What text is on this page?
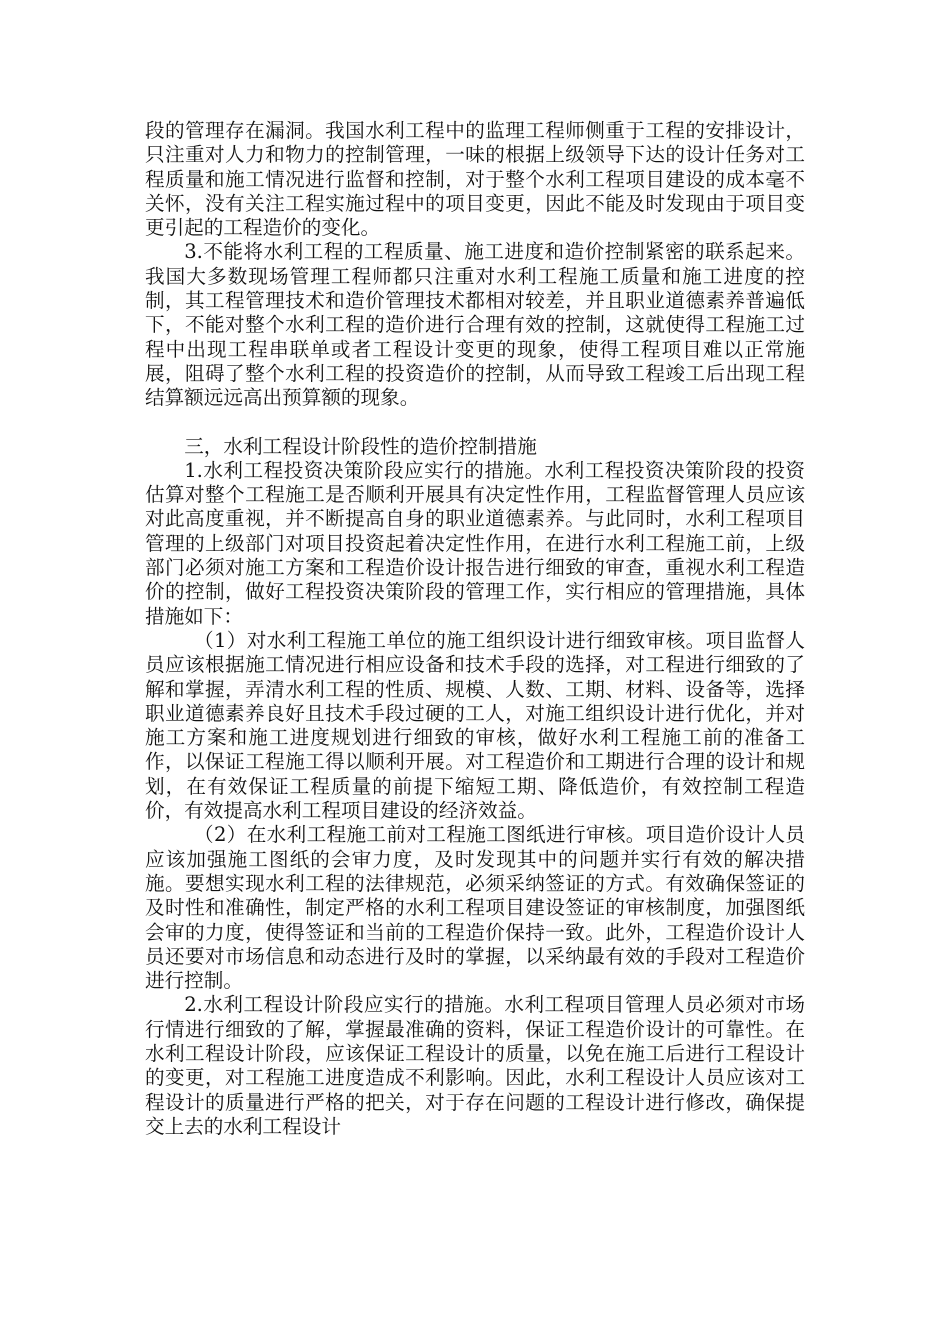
段的管理存在漏洞。我国水利工程中的监理工程师侧重于工程的安排设计，只注重对人力和物力的控制管理，一味的根据上级领导下达的设计任务对工程质量和施工情况进行监督和控制，对于整个水利工程项目建设的成本毫不关怀，没有关注工程实施过程中的项目变更，因此不能及时发现由于项目变更引起的工程造价的变化。

3.不能将水利工程的工程质量、施工进度和造价控制紧密的联系起来。我国大多数现场管理工程师都只注重对水利工程施工质量和施工进度的控制，其工程管理技术和造价管理技术都相对较差，并且职业道德素养普遍低下，不能对整个水利工程的造价进行合理有效的控制，这就使得工程施工过程中出现工程串联单或者工程设计变更的现象，使得工程项目难以正常施展，阻碍了整个水利工程的投资造价的控制，从而导致工程竣工后出现工程结算额远远高出预算额的现象。

三，水利工程设计阶段性的造价控制措施

1.水利工程投资决策阶段应实行的措施。水利工程投资决策阶段的投资估算对整个工程施工是否顺利开展具有决定性作用，工程监督管理人员应该对此高度重视，并不断提高自身的职业道德素养。与此同时，水利工程项目管理的上级部门对项目投资起着决定性作用，在进行水利工程施工前，上级部门必须对施工方案和工程造价设计报告进行细致的审查，重视水利工程造价的控制，做好工程投资决策阶段的管理工作，实行相应的管理措施，具体措施如下：

（1）对水利工程施工单位的施工组织设计进行细致审核。项目监督人员应该根据施工情况进行相应设备和技术手段的选择，对工程进行细致的了解和掌握，弄清水利工程的性质、规模、人数、工期、材料、设备等，选择职业道德素养良好且技术手段过硬的工人，对施工组织设计进行优化，并对施工方案和施工进度规划进行细致的审核，做好水利工程施工前的准备工作，以保证工程施工得以顺利开展。对工程造价和工期进行合理的设计和规划，在有效保证工程质量的前提下缩短工期、降低造价，有效控制工程造价，有效提高水利工程项目建设的经济效益。

（2）在水利工程施工前对工程施工图纸进行审核。项目造价设计人员应该加强施工图纸的会审力度，及时发现其中的问题并实行有效的解决措施。要想实现水利工程的法律规范，必须采纳签证的方式。有效确保签证的及时性和准确性，制定严格的水利工程项目建设签证的审核制度，加强图纸会审的力度，使得签证和当前的工程造价保持一致。此外，工程造价设计人员还要对市场信息和动态进行及时的掌握，以采纳最有效的手段对工程造价进行控制。

2.水利工程设计阶段应实行的措施。水利工程项目管理人员必须对市场行情进行细致的了解，掌握最准确的资料，保证工程造价设计的可靠性。在水利工程设计阶段，应该保证工程设计的质量，以免在施工后进行工程设计的变更，对工程施工进度造成不利影响。因此，水利工程设计人员应该对工程设计的质量进行严格的把关，对于存在问题的工程设计进行修改，确保提交上去的水利工程设计
